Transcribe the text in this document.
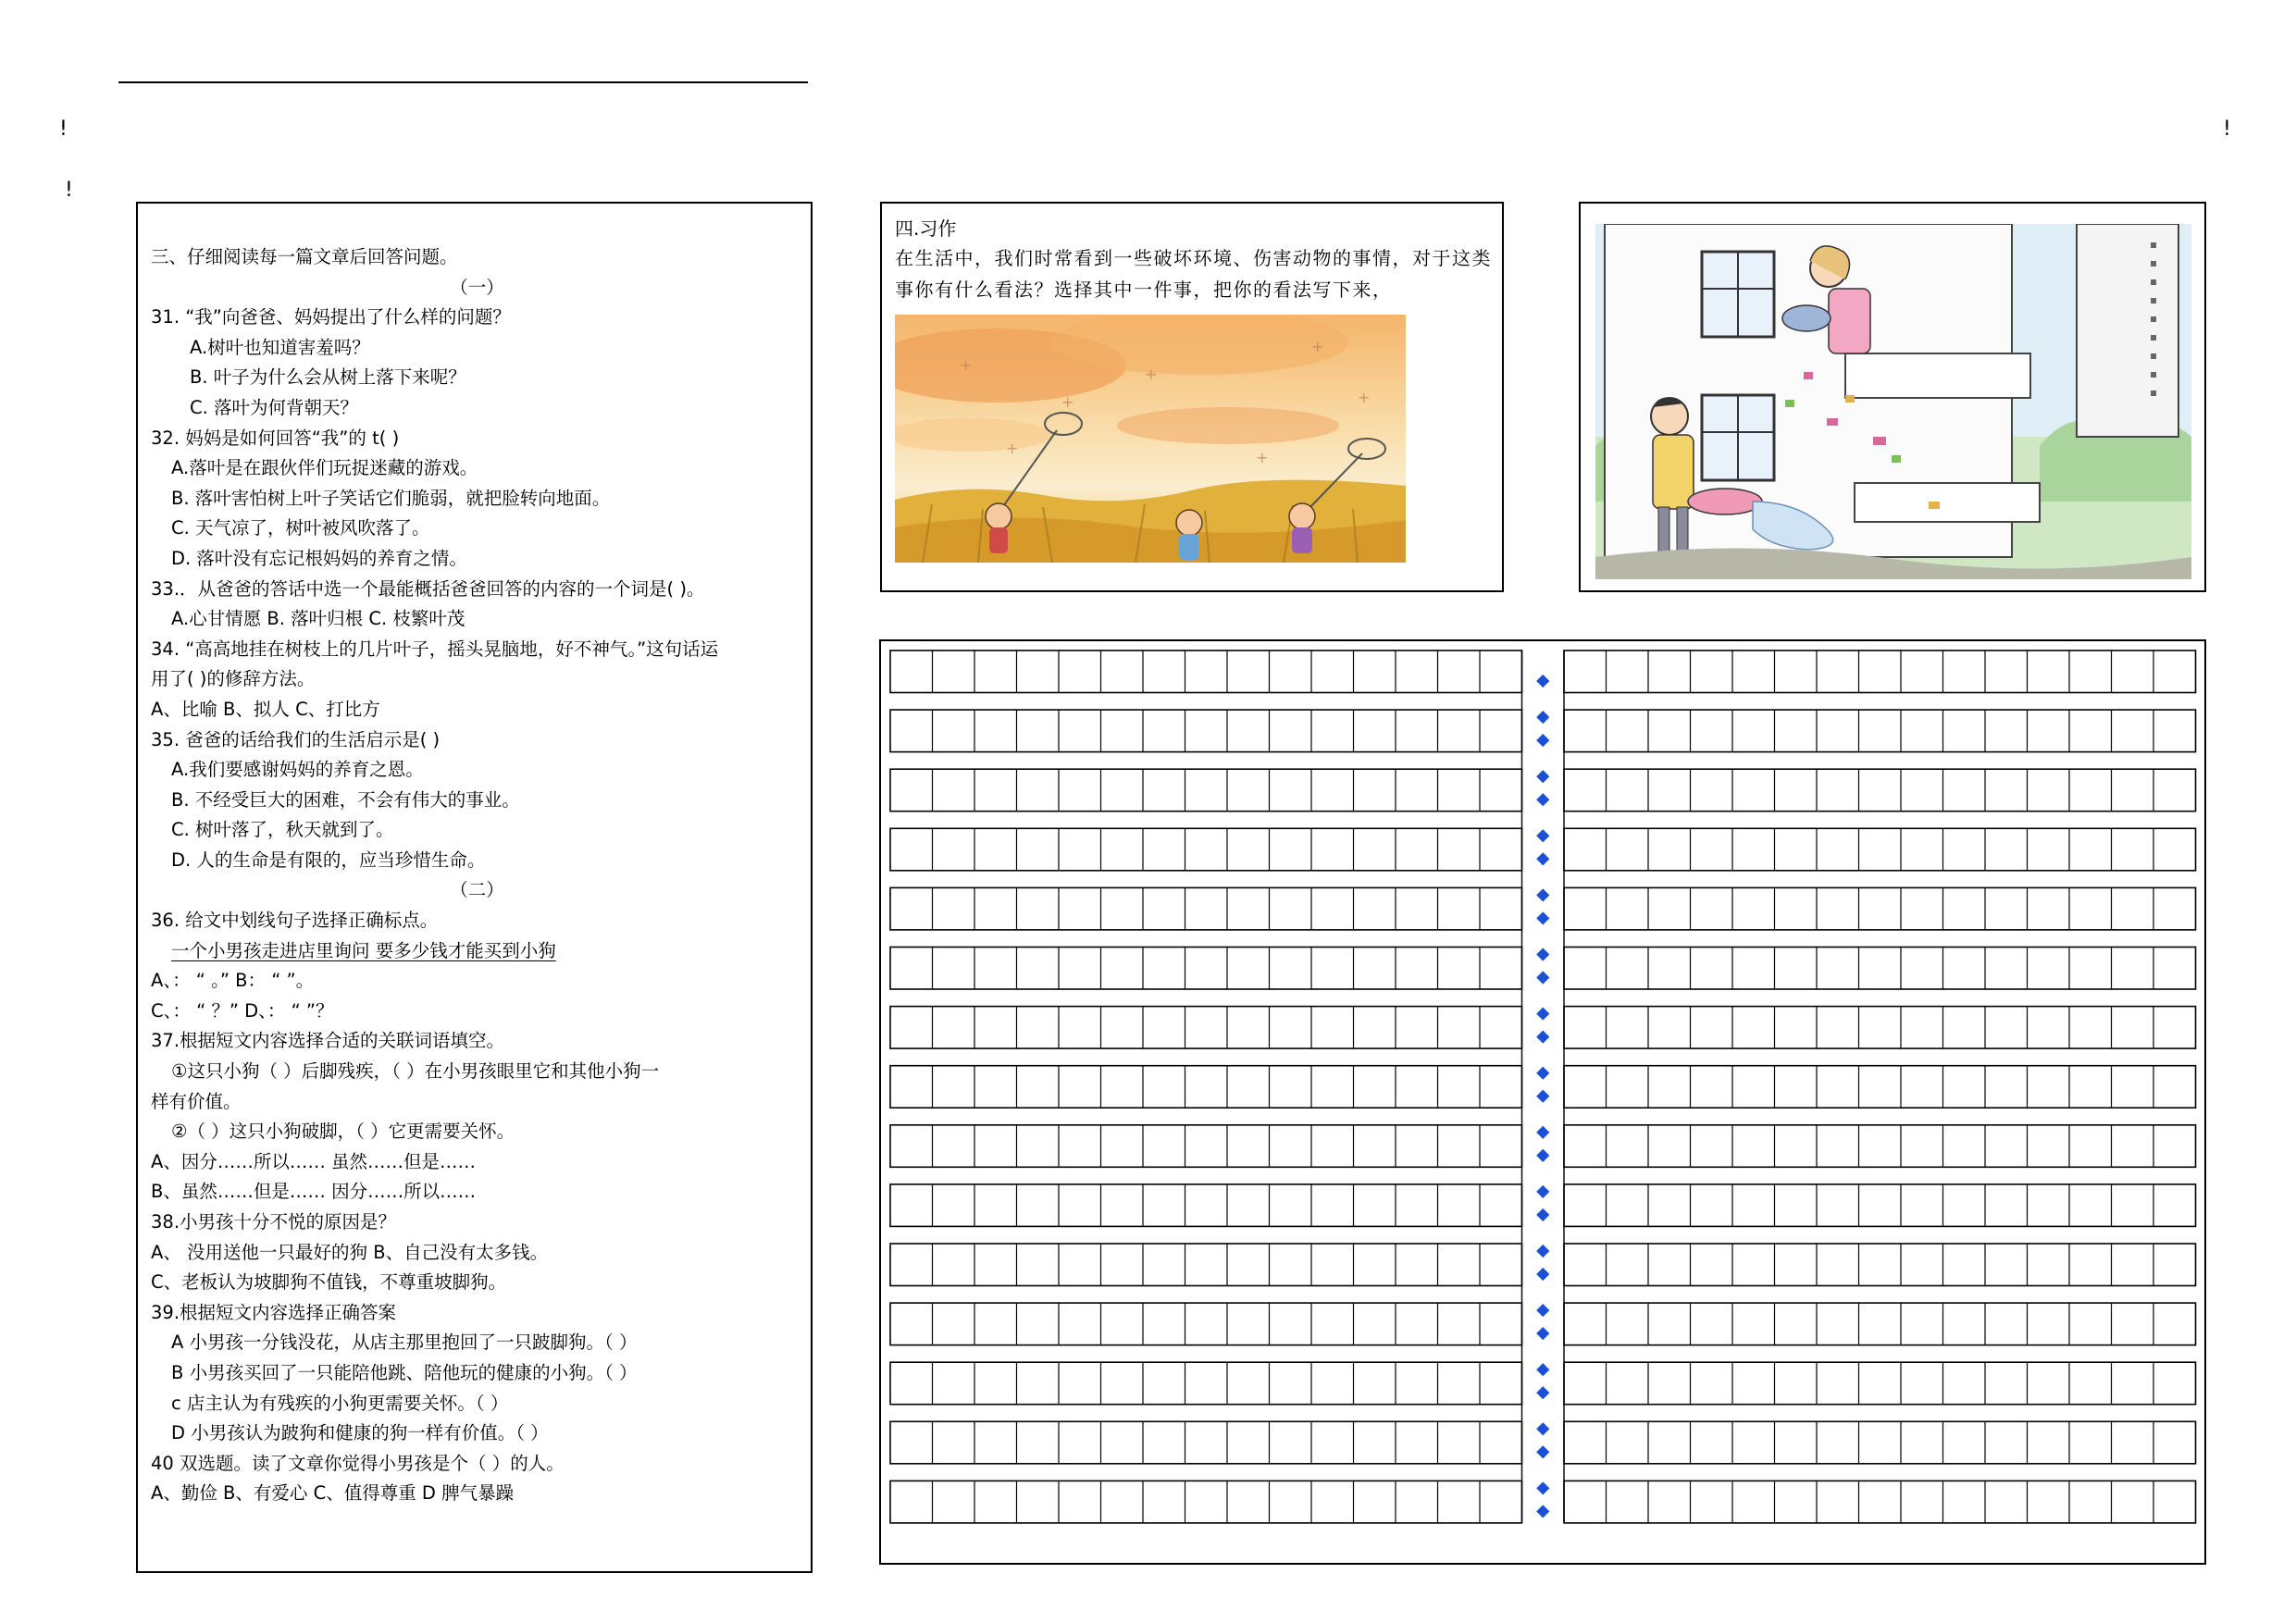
!
!
!
三、仔细阅读每一篇文章后回答问题。
（一）
31. “我”向爸爸、妈妈提出了什么样的问题？
A.树叶也知道害羞吗？
B. 叶子为什么会从树上落下来呢？
C. 落叶为何背朝天？
32. 妈妈是如何回答“我”的 t( )
A.落叶是在跟伙伴们玩捉迷藏的游戏。
B. 落叶害怕树上叶子笑话它们脆弱，就把脸转向地面。
C. 天气凉了，树叶被风吹落了。
D. 落叶没有忘记根妈妈的养育之情。
33.．从爸爸的答话中选一个最能概括爸爸回答的内容的一个词是( )。
A.心甘情愿 B. 落叶归根 C. 枝繁叶茂
34. “高高地挂在树枝上的几片叶子，摇头晃脑地，好不神气。”这句话运
用了( )的修辞方法。
A、比喻 B、拟人 C、打比方
35. 爸爸的话给我们的生活启示是( )
A.我们要感谢妈妈的养育之恩。
B. 不经受巨大的困难，不会有伟大的事业。
C. 树叶落了，秋天就到了。
D. 人的生命是有限的，应当珍惜生命。
（二）
36. 给文中划线句子选择正确标点。
一个小男孩走进店里询问 要多少钱才能买到小狗
A、： “ 。” B： “ ”。
C、： “ ？” D、： “ ”？
37.根据短文内容选择合适的关联词语填空。
①这只小狗（ ）后脚残疾，（ ）在小男孩眼里它和其他小狗一
样有价值。
②（ ）这只小狗破脚，（ ）它更需要关怀。
A、因分……所以…… 虽然……但是……
B、虽然……但是…… 因分……所以……
38.小男孩十分不悦的原因是？
A、 没用送他一只最好的狗 B、自己没有太多钱。
C、老板认为坡脚狗不值钱，不尊重坡脚狗。
39.根据短文内容选择正确答案
A 小男孩一分钱没花，从店主那里抱回了一只跛脚狗。（ ）
B 小男孩买回了一只能陪他跳、陪他玩的健康的小狗。（ ）
c 店主认为有残疾的小狗更需要关怀。（ ）
D 小男孩认为跛狗和健康的狗一样有价值。（ ）
40 双选题。读了文章你觉得小男孩是个（ ）的人。
A、勤俭 B、有爱心 C、值得尊重 D 脾气暴躁
四.习作
在生活中，我们时常看到一些破坏环境、伤害动物的事情，对于这类事你有什么看法？选择其中一件事，把你的看法写下来，
+
+
+
+
+
+
+
